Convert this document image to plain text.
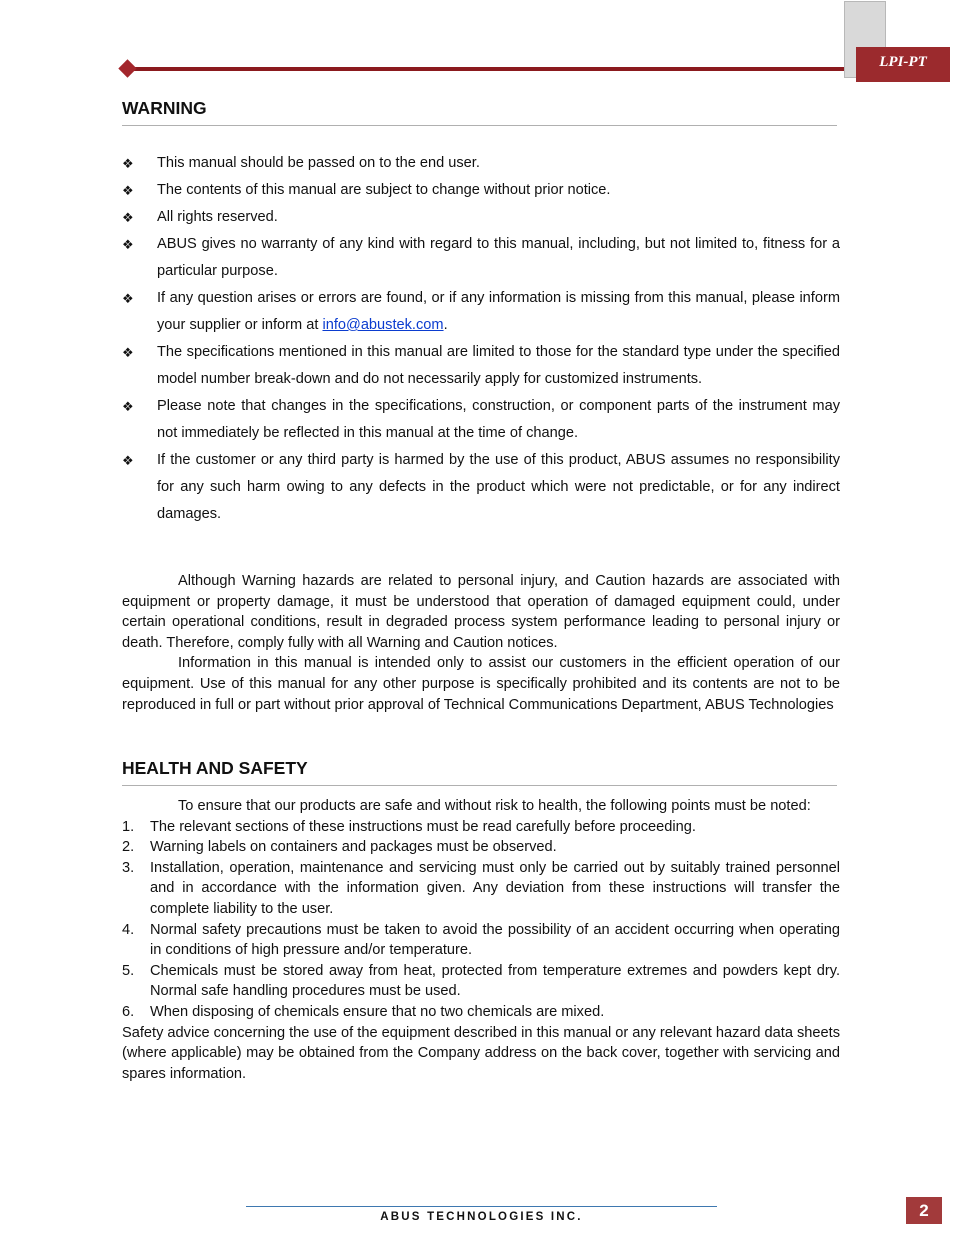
LPI-PT
WARNING
❖ This manual should be passed on to the end user.
❖ The contents of this manual are subject to change without prior notice.
❖ All rights reserved.
❖ ABUS gives no warranty of any kind with regard to this manual, including, but not limited to, fitness for a particular purpose.
❖ If any question arises or errors are found, or if any information is missing from this manual, please inform your supplier or inform at info@abustek.com.
❖ The specifications mentioned in this manual are limited to those for the standard type under the specified model number break-down and do not necessarily apply for customized instruments.
❖ Please note that changes in the specifications, construction, or component parts of the instrument may not immediately be reflected in this manual at the time of change.
❖ If the customer or any third party is harmed by the use of this product, ABUS assumes no responsibility for any such harm owing to any defects in the product which were not predictable, or for any indirect damages.

Although Warning hazards are related to personal injury, and Caution hazards are associated with equipment or property damage, it must be understood that operation of damaged equipment could, under certain operational conditions, result in degraded process system performance leading to personal injury or death. Therefore, comply fully with all Warning and Caution notices.

Information in this manual is intended only to assist our customers in the efficient operation of our equipment. Use of this manual for any other purpose is specifically prohibited and its contents are not to be reproduced in full or part without prior approval of Technical Communications Department, ABUS Technologies

HEALTH AND SAFETY

To ensure that our products are safe and without risk to health, the following points must be noted:

1. The relevant sections of these instructions must be read carefully before proceeding.
2. Warning labels on containers and packages must be observed.
3. Installation, operation, maintenance and servicing must only be carried out by suitably trained personnel and in accordance with the information given. Any deviation from these instructions will transfer the complete liability to the user.
4. Normal safety precautions must be taken to avoid the possibility of an accident occurring when operating in conditions of high pressure and/or temperature.
5. Chemicals must be stored away from heat, protected from temperature extremes and powders kept dry. Normal safe handling procedures must be used.
6. When disposing of chemicals ensure that no two chemicals are mixed.

Safety advice concerning the use of the equipment described in this manual or any relevant hazard data sheets (where applicable) may be obtained from the Company address on the back cover, together with servicing and spares information.

ABUS TECHNOLOGIES INC.	2
